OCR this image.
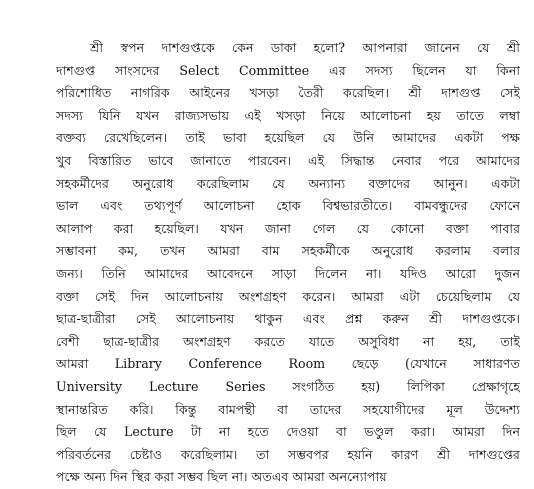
শ্রী স্বপন দাশগুপ্তকে কেন ডাকা হলো? আপনারা জানেন যে শ্রী
দাশগুপ্ত সাংসদের Select Committee এর সদস্য ছিলেন যা কিনা
পরিশোধিত নাগরিক আইনের খসড়া তৈরী করেছিল। শ্রী দাশগুপ্ত সেই
সদস্য যিনি যখন রাজ্যসভায় এই খসড়া নিয়ে আলোচনা হয় তাতে লম্বা
বক্তব্য রেখেছিলেন। তাই ভাবা হয়েছিল যে উনি আমাদের একটা পক্ষ
খুব বিস্তারিত ভাবে জানাতে পারবেন। এই সিদ্ধান্ত নেবার পরে আমাদের
সহকর্মীদের অনুরোধ করেছিলাম যে অন্যান্য বক্তাদের আনুন। একটা
ভাল এবং তথ্যপূর্ণ আলোচনা হোক বিশ্বভারতীতে। বামবন্ধুদের ফোনে
আলাপ করা হয়েছিল। যখন জানা গেল যে কোনো বক্তা পাবার
সম্ভাবনা কম, তখন আমরা বাম সহকর্মীকে অনুরোধ করলাম বলার
জন্য। তিনি আমাদের আবেদনে সাড়া দিলেন না। যদিও আরো দুজন
বক্তা সেই দিন আলোচনায় অংশগ্রহণ করেন। আমরা এটা চেয়েছিলাম যে
ছাত্র-ছাত্রীরা সেই আলোচনায় থাকুন এবং প্রশ্ন করুন শ্রী দাশগুপ্তকে।
বেশী ছাত্র-ছাত্রীর অংশগ্রহণ করতে যাতে অসুবিধা না হয়, তাই
আমরা Library Conference Room ছেড়ে (যেখানে সাধারণত
University Lecture Series সংগঠিত হয়) লিপিকা প্রেক্ষাগৃহে
স্থানান্তরিত করি। কিন্তু বামপন্থী বা তাদের সহযোগীদের মূল উদ্দেশ্য
ছিল যে Lecture টা না হতে দেওয়া বা ভণ্ডুল করা। আমরা দিন
পরিবর্তনের চেষ্টাও করেছিলাম। তা সম্ভবপর হয়নি কারণ শ্রী দাশগুপ্তের
পক্ষে অন্য দিন স্থির করা সম্ভব ছিল না। অতএব আমরা অনন্যোপায়
